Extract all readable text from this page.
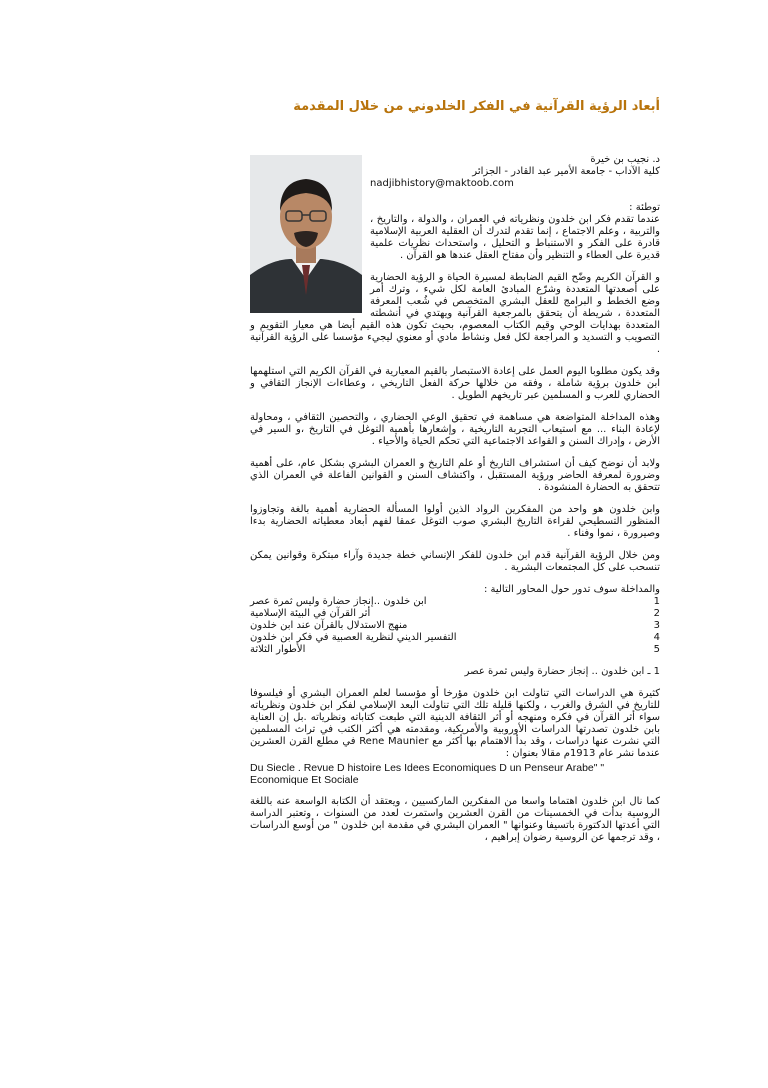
أبعاد الرؤية القرآنية في الفكر الخلدوني من خلال المقدمة
د. نجيب بن خيرة
كلية الآداب - جامعة الأمير عبد القادر - الجزائر
nadjibhistory@maktoob.com
توطئة :

عندما تقدم فكر ابن خلدون ونظرياته في العمران ، والدولة ، والتاريخ ، والتربية ، وعلم الاجتماع ، إنما تقدم لتدرك أن العقلية العربية الإسلامية قادرة على الفكر و الاستنباط و التحليل ، واستحداث نظريات علمية قديرة على العطاء و التنظير وأن مفتاح العقل عندها هو القرآن .

و القرآن الكريم وضّح القيم الضابطة لمسيرة الحياة و الرؤية الحضارية على أصعدتها المتعددة وشرّع المبادئ العامة لكل شيء ، وترك أمر وضع الخطط و البرامج للعقل البشري المتخصص في شُعب المعرفة المتعددة ، شريطة أن يتحقق بالمرجعية القرآنية ويهتدي في أنشطته المتعددة بهدايات الوحي وقيم الكتاب المعصوم، بحيث تكون هذه القيم أيضا هي معيار التقويم و التصويب و التسديد و المراجعة لكل فعل ونشاط مادي أو معنوي ليجيء مؤسسا على الرؤية القرآنية .

وقد يكون مطلوبا اليوم العمل على إعادة الاستبصار بالقيم المعيارية في القرآن الكريم التي استلهمها ابن خلدون برؤية شاملة ، وفقه من خلالها حركة الفعل التاريخي ، وعطاءات الإنجاز الثقافي و الحضاري للعرب و المسلمين عبر تاريخهم الطويل .

وهذه المداخلة المتواضعة هي مساهمة في تحقيق الوعي الحضاري ، والتحصين الثقافي ، ومحاولة لإعادة البناء ... مع استيعاب التجربة التاريخية ، وإشعارها بأهمية التوغل في التاريخ ،و السير في الأرض ، وإدراك السنن و القواعد الاجتماعية التي تحكم الحياة والأحياء .

ولابد أن نوضح كيف أن استشراف التاريخ أو علم التاريخ و العمران البشري بشكل عام، على أهمية وضرورة لمعرفة الحاضر ورؤية المستقبل ، واكتشاف السنن و القوانين الفاعلة في العمران الذي تتحقق به الحضارة المنشودة .

وابن خلدون هو واحد من المفكرين الرواد الذين أولوا المسألة الحضارية أهمية بالغة وتجاوزوا المنظور التسطيحي لقراءة التاريخ البشري صوب التوغل عمقا لفهم أبعاد معطياته الحضارية بدءا وصيرورة ، نموا وفناء .

ومن خلال الرؤية القرآنية قدم ابن خلدون للفكر الإنساني خطة جديدة وآراء مبتكرة وقوانين يمكن تنسحب على كل المجتمعات البشرية .

والمداخلة سوف تدور حول المحاور التالية :
1
ابن خلدون ..إنجاز حضارة وليس ثمرة عصر
2
أثر القرآن في البيئة الإسلامية
3
منهج الاستدلال بالقرآن عند ابن خلدون
4
التفسير الديني لنظرية العصبية في فكر ابن خلدون
5
الأطوار الثلاثة

1 ـ ابن خلدون .. إنجاز حضارة وليس ثمرة عصر

كثيرة هي الدراسات التي تناولت ابن خلدون مؤرخا أو مؤسسا لعلم العمران البشري أو فيلسوفا للتاريخ في الشرق والغرب ، ولكنها قليلة تلك التي تناولت البعد الإسلامي لفكر ابن خلدون ونظرياته سواء أثر القرآن في فكره ومنهجه أو أثر الثقافة الدينية التي طبعت كتاباته ونظرياته .بل إن العناية بابن خلدون تصدرتها الدراسات الأوروبية والأمريكية، ومقدمته هي أكثر الكتب في تراث المسلمين التي نشرت عنها دراسات ، وقد بدأ الاهتمام بها أكثر مع Rene Maunier في مطلع القرن العشرين عندما نشر عام 1913م مقالا بعنوان :

Du Siecle . Revue D histoire Les Idees Economiques D un Penseur Arabe" " Economique Et Sociale

كما نال ابن خلدون اهتماما واسعا من المفكرين الماركسيين ، ويعتقد أن الكتابة الواسعة عنه باللغة الروسية بدأت في الخمسينات من القرن العشرين واستمرت لعدد من السنوات ، وتعتبر الدراسة التي أعدتها الدكتورة باتسيفا وعنوانها " العمران البشري في مقدمة ابن خلدون " من أوسع الدراسات ، وقد ترجمها عن الروسية رضوان إبراهيم ،
